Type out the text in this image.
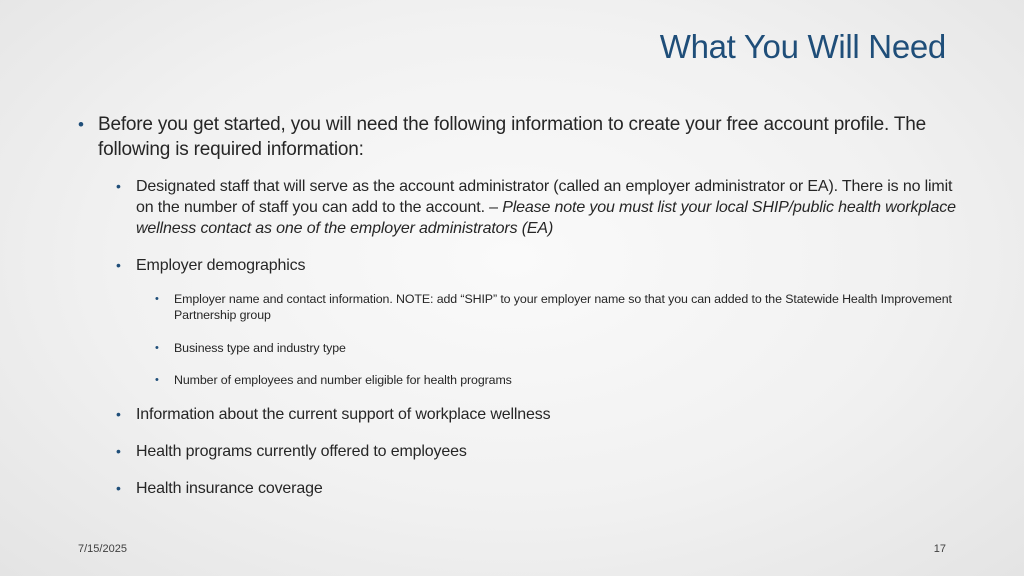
What You Will Need
• Before you get started, you will need the following information to create your free account profile. The following is required information:
• Designated staff that will serve as the account administrator (called an employer administrator or EA). There is no limit on the number of staff you can add to the account. – Please note you must list your local SHIP/public health workplace wellness contact as one of the employer administrators (EA)
• Employer demographics
• Employer name and contact information. NOTE: add “SHIP” to your employer name so that you can added to the Statewide Health Improvement Partnership group
• Business type and industry type
• Number of employees and number eligible for health programs
• Information about the current support of workplace wellness
• Health programs currently offered to employees
• Health insurance coverage
7/15/2025	17
